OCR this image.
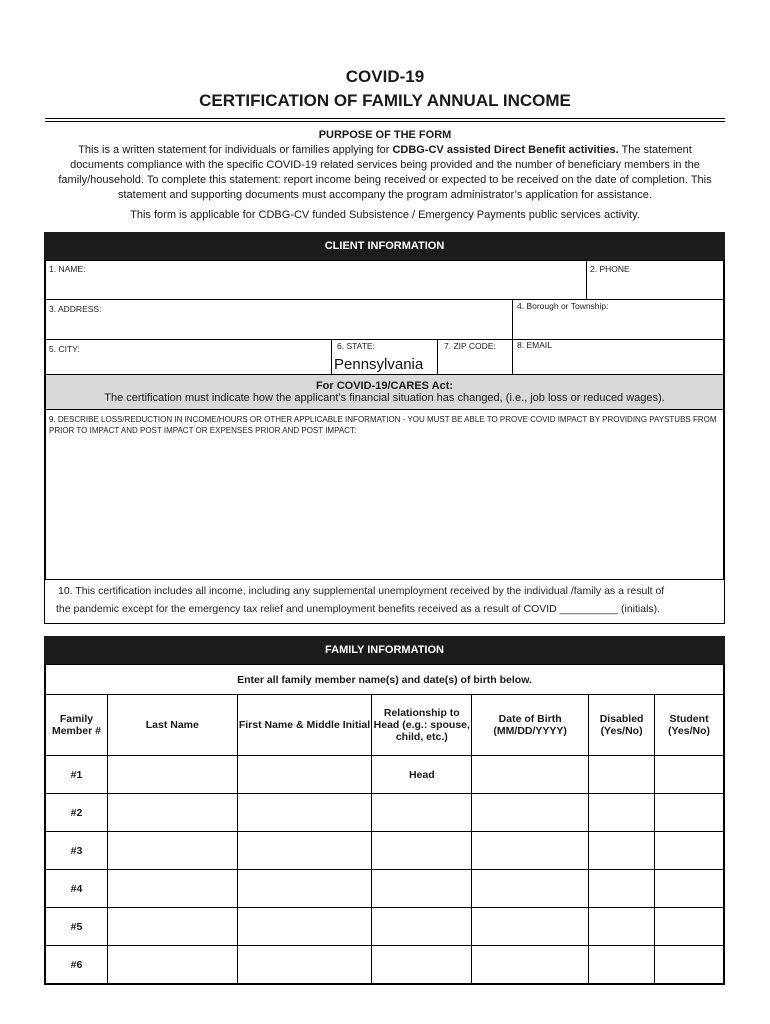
COVID-19
CERTIFICATION OF FAMILY ANNUAL INCOME
PURPOSE OF THE FORM
This is a written statement for individuals or families applying for CDBG-CV assisted Direct Benefit activities. The statement documents compliance with the specific COVID-19 related services being provided and the number of beneficiary members in the family/household. To complete this statement: report income being received or expected to be received on the date of completion. This statement and supporting documents must accompany the program administrator’s application for assistance.
This form is applicable for CDBG-CV funded Subsistence / Emergency Payments public services activity.
CLIENT INFORMATION
1. NAME:	2. PHONE
3. ADDRESS:	4. Borough or Township:
5. CITY:	6. STATE:
Pennsylvania
7. ZIP CODE: 8. EMAIL
For COVID-19/CARES Act:
The certification must indicate how the applicant’s financial situation has changed, (i.e., job loss or reduced wages).
9. DESCRIBE LOSS/REDUCTION IN INCOME/HOURS OR OTHER APPLICABLE INFORMATION - YOU MUST BE ABLE TO PROVE COVID IMPACT BY PROVIDING PAYSTUBS FROM PRIOR TO IMPACT AND POST IMPACT OR EXPENSES PRIOR AND POST IMPACT:
10. This certification includes all income, including any supplemental unemployment received by the individual /family as a result of
the pandemic except for the emergency tax relief and unemployment benefits received as a result of COVID __________ (initials).
FAMILY INFORMATION
Enter all family member name(s) and date(s) of birth below.
Family Member #	Last Name	First Name & Middle Initial	Relationship to Head (e.g.: spouse, child, etc.)	Date of Birth (MM/DD/YYYY)	Disabled (Yes/No)	Student (Yes/No)
#1			Head			
#2						
#3						
#4						
#5						
#6						
